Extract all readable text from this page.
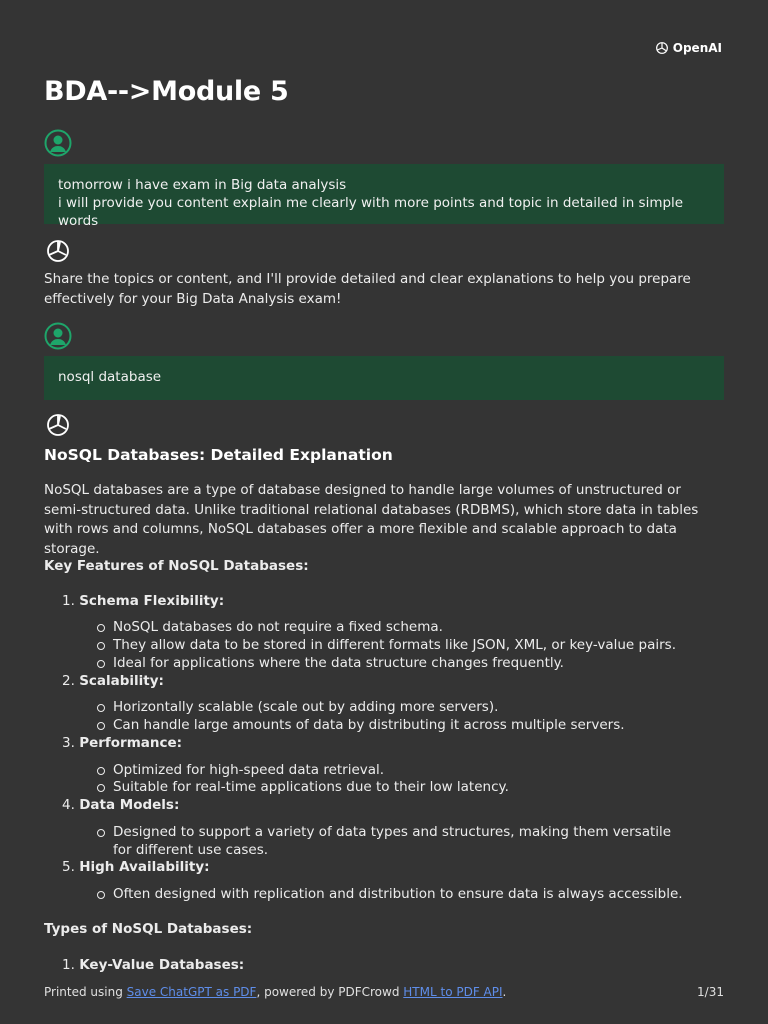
OpenAI
BDA-->Module 5
tomorrow i have exam in Big data analysis
i will provide you content explain me clearly with more points and topic in detailed in simple words
Share the topics or content, and I'll provide detailed and clear explanations to help you prepare effectively for your Big Data Analysis exam!
nosql database
NoSQL Databases: Detailed Explanation
NoSQL databases are a type of database designed to handle large volumes of unstructured or semi-structured data. Unlike traditional relational databases (RDBMS), which store data in tables with rows and columns, NoSQL databases offer a more flexible and scalable approach to data storage.
Key Features of NoSQL Databases:
1. Schema Flexibility:
NoSQL databases do not require a fixed schema.
They allow data to be stored in different formats like JSON, XML, or key-value pairs.
Ideal for applications where the data structure changes frequently.
2. Scalability:
Horizontally scalable (scale out by adding more servers).
Can handle large amounts of data by distributing it across multiple servers.
3. Performance:
Optimized for high-speed data retrieval.
Suitable for real-time applications due to their low latency.
4. Data Models:
Designed to support a variety of data types and structures, making them versatile for different use cases.
5. High Availability:
Often designed with replication and distribution to ensure data is always accessible.
Types of NoSQL Databases:
1. Key-Value Databases:
Printed using Save ChatGPT as PDF, powered by PDFCrowd HTML to PDF API.	1/31
